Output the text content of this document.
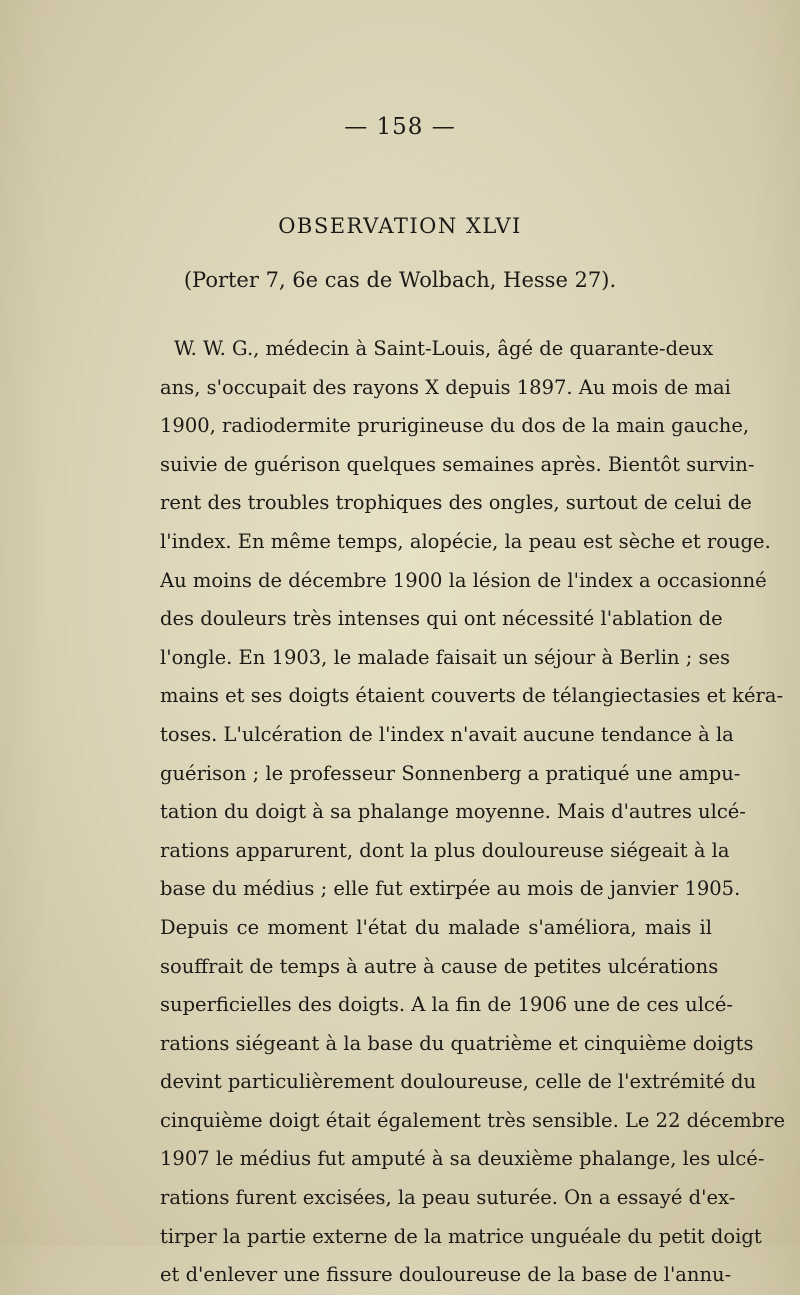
— 158 —
OBSERVATION XLVI
(Porter 7, 6e cas de Wolbach, Hesse 27).
W. W. G., médecin à Saint-Louis, âgé de quarante-deux
ans, s'occupait des rayons X depuis 1897. Au mois de mai
1900, radiodermite prurigineuse du dos de la main gauche,
suivie de guérison quelques semaines après. Bientôt survin-
rent des troubles trophiques des ongles, surtout de celui de
l'index. En même temps, alopécie, la peau est sèche et rouge.
Au moins de décembre 1900 la lésion de l'index a occasionné
des douleurs très intenses qui ont nécessité l'ablation de
l'ongle. En 1903, le malade faisait un séjour à Berlin ; ses
mains et ses doigts étaient couverts de télangiectasies et kéra-
toses. L'ulcération de l'index n'avait aucune tendance à la
guérison ; le professeur Sonnenberg a pratiqué une ampu-
tation du doigt à sa phalange moyenne. Mais d'autres ulcé-
rations apparurent, dont la plus douloureuse siégeait à la
base du médius ; elle fut extirpée au mois de janvier 1905.
Depuis ce moment l'état du malade s'améliora, mais il
souffrait de temps à autre à cause de petites ulcérations
superficielles des doigts. A la fin de 1906 une de ces ulcé-
rations siégeant à la base du quatrième et cinquième doigts
devint particulièrement douloureuse, celle de l'extrémité du
cinquième doigt était également très sensible. Le 22 décembre
1907 le médius fut amputé à sa deuxième phalange, les ulcé-
rations furent excisées, la peau suturée. On a essayé d'ex-
tirper la partie externe de la matrice unguéale du petit doigt
et d'enlever une fissure douloureuse de la base de l'annu-
